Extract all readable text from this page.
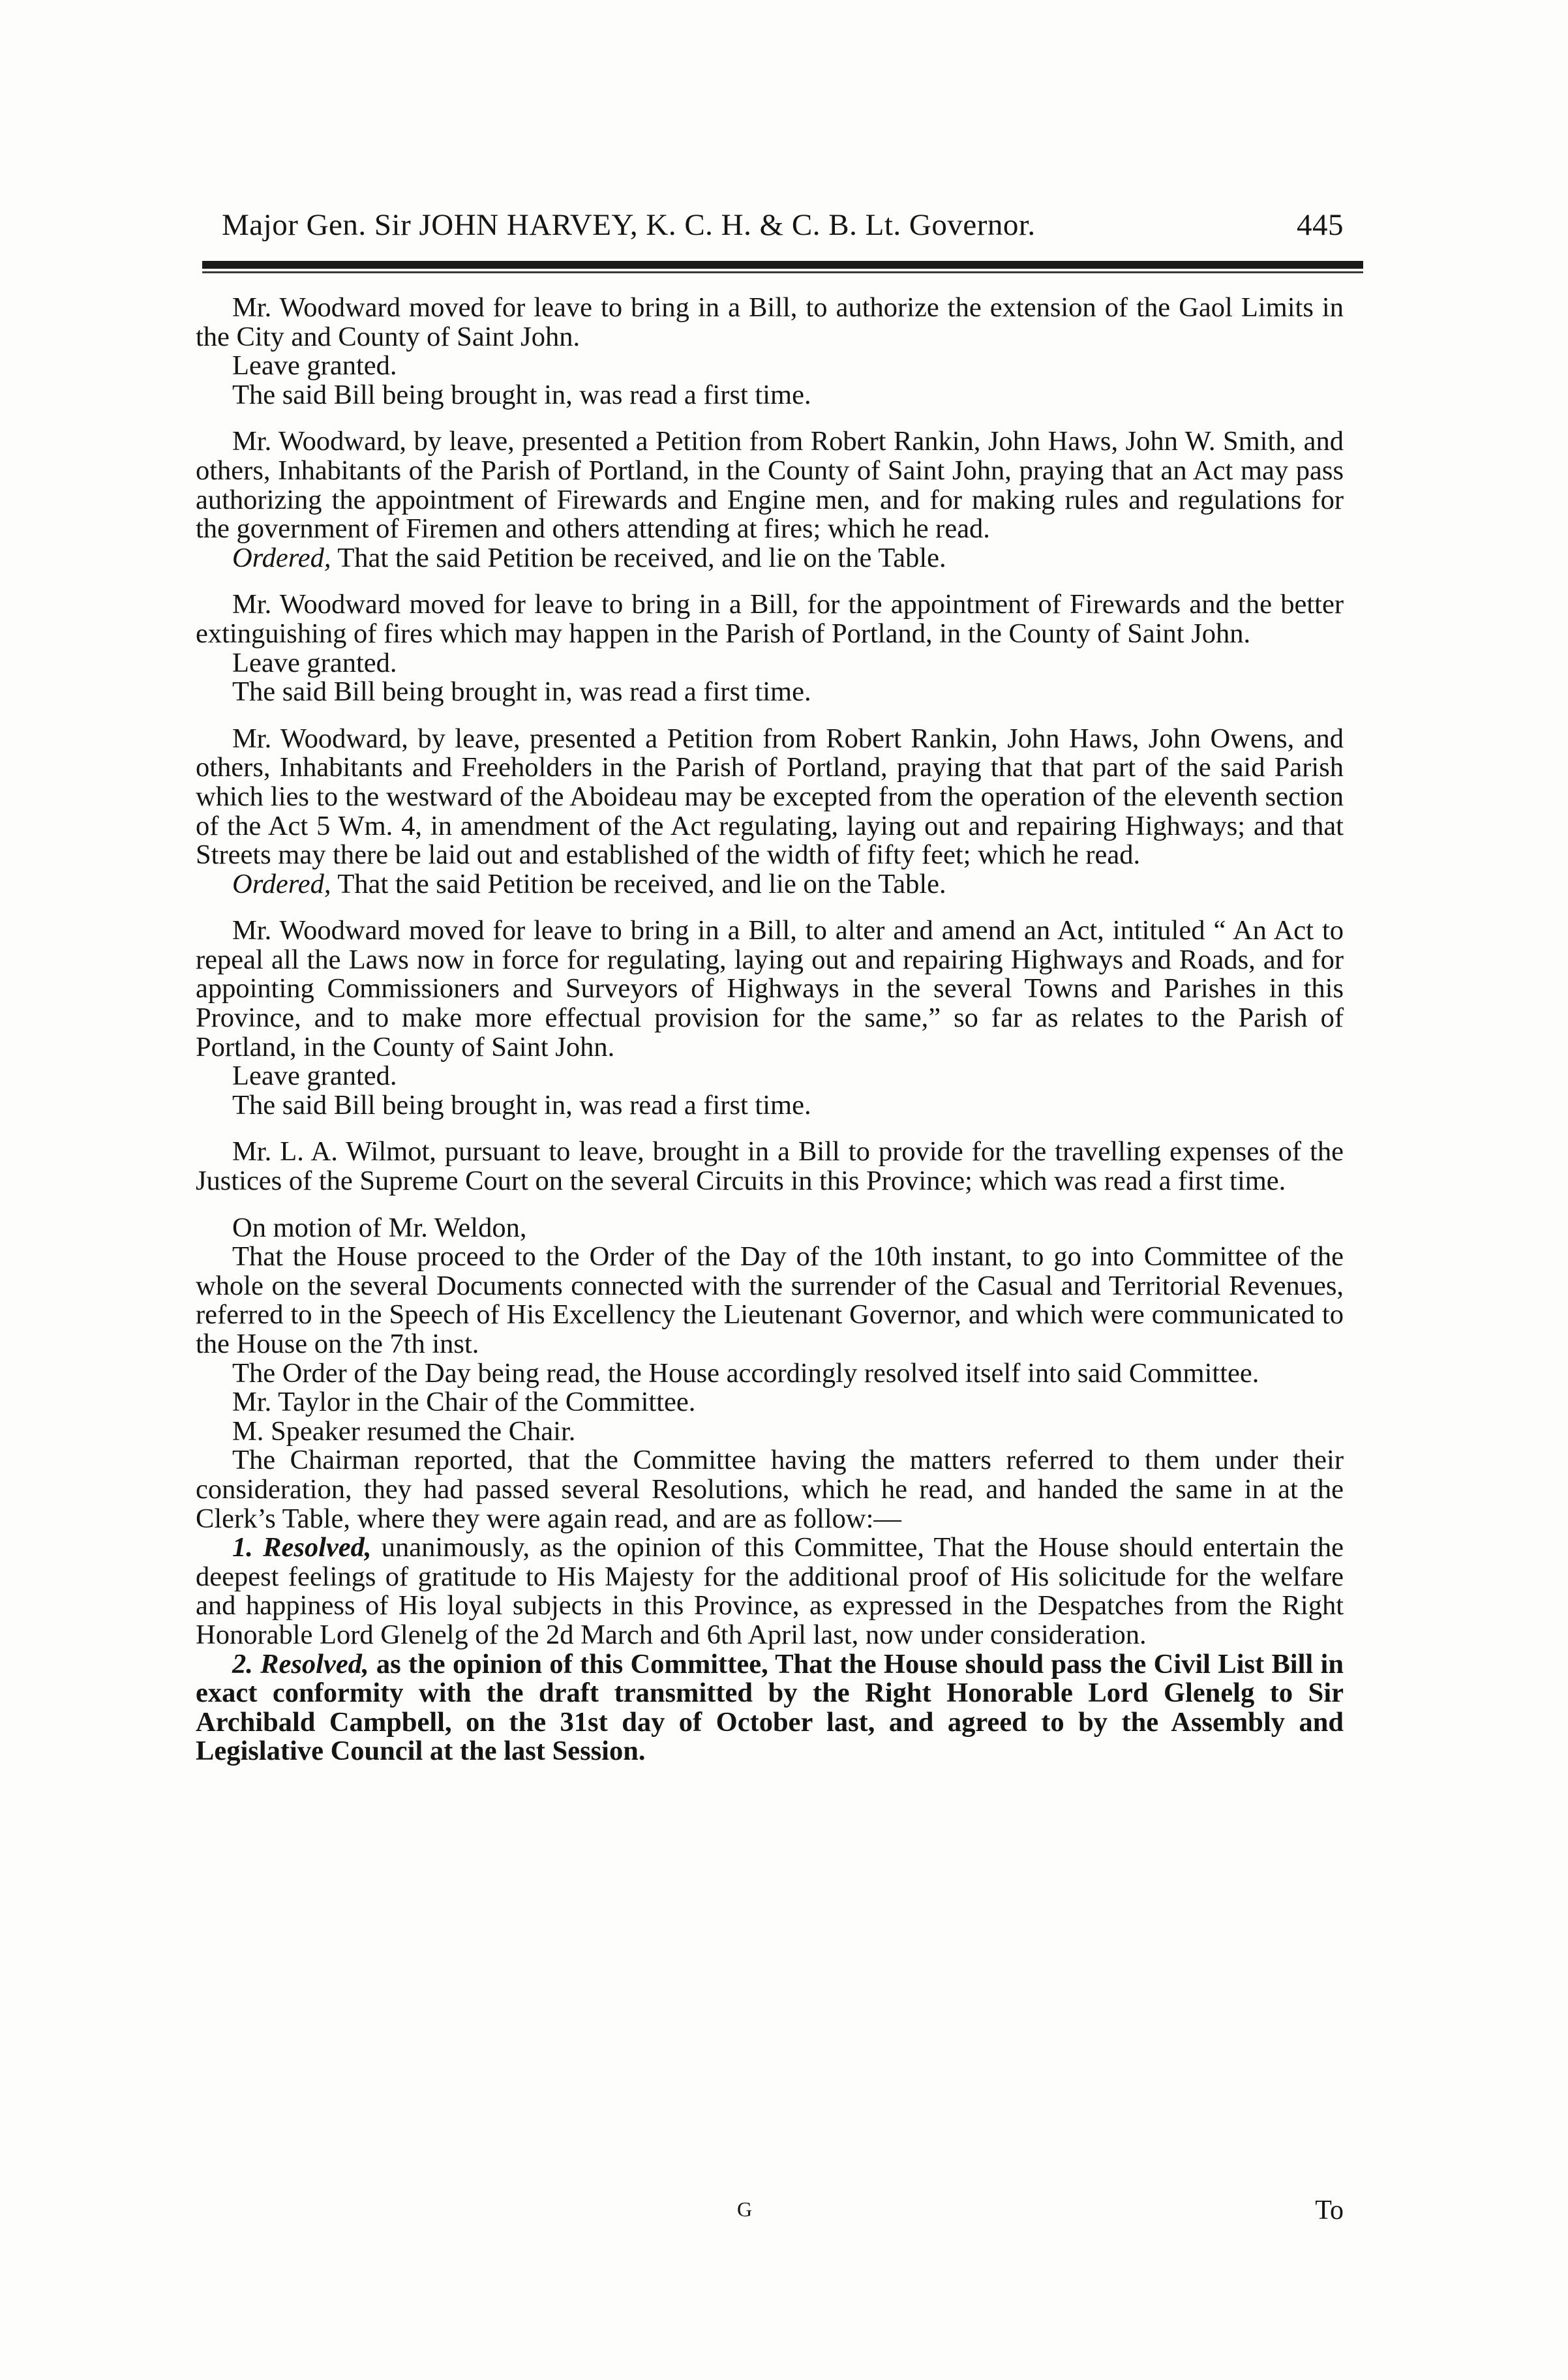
Major Gen. Sir JOHN HARVEY, K. C. H. & C. B. Lt. Governor.	445

Mr. Woodward moved for leave to bring in a Bill, to authorize the extension of the Gaol Limits in the City and County of Saint John.

Leave granted.

The said Bill being brought in, was read a first time.

Mr. Woodward, by leave, presented a Petition from Robert Rankin, John Haws, John W. Smith, and others, Inhabitants of the Parish of Portland, in the County of Saint John, praying that an Act may pass authorizing the appointment of Firewards and Engine men, and for making rules and regulations for the government of Firemen and others attending at fires; which he read.

Ordered, That the said Petition be received, and lie on the Table.

Mr. Woodward moved for leave to bring in a Bill, for the appointment of Firewards and the better extinguishing of fires which may happen in the Parish of Portland, in the County of Saint John.

Leave granted.

The said Bill being brought in, was read a first time.

Mr. Woodward, by leave, presented a Petition from Robert Rankin, John Haws, John Owens, and others, Inhabitants and Freeholders in the Parish of Portland, praying that that part of the said Parish which lies to the westward of the Aboideau may be excepted from the operation of the eleventh section of the Act 5 Wm. 4, in amendment of the Act regulating, laying out and repairing Highways; and that Streets may there be laid out and established of the width of fifty feet; which he read.

Ordered, That the said Petition be received, and lie on the Table.

Mr. Woodward moved for leave to bring in a Bill, to alter and amend an Act, intituled “ An Act to repeal all the Laws now in force for regulating, laying out and repairing Highways and Roads, and for appointing Commissioners and Surveyors of Highways in the several Towns and Parishes in this Province, and to make more effectual provision for the same,” so far as relates to the Parish of Portland, in the County of Saint John.

Leave granted.

The said Bill being brought in, was read a first time.

Mr. L. A. Wilmot, pursuant to leave, brought in a Bill to provide for the travelling expenses of the Justices of the Supreme Court on the several Circuits in this Province; which was read a first time.

On motion of Mr. Weldon,

That the House proceed to the Order of the Day of the 10th instant, to go into Committee of the whole on the several Documents connected with the surrender of the Casual and Territorial Revenues, referred to in the Speech of His Excellency the Lieutenant Governor, and which were communicated to the House on the 7th inst.

The Order of the Day being read, the House accordingly resolved itself into said Committee.

Mr. Taylor in the Chair of the Committee.

M. Speaker resumed the Chair.

The Chairman reported, that the Committee having the matters referred to them under their consideration, they had passed several Resolutions, which he read, and handed the same in at the Clerk’s Table, where they were again read, and are as follow:—

1. Resolved, unanimously, as the opinion of this Committee, That the House should entertain the deepest feelings of gratitude to His Majesty for the additional proof of His solicitude for the welfare and happiness of His loyal subjects in this Province, as expressed in the Despatches from the Right Honorable Lord Glenelg of the 2d March and 6th April last, now under consideration.

2. Resolved, as the opinion of this Committee, That the House should pass the Civil List Bill in exact conformity with the draft transmitted by the Right Honorable Lord Glenelg to Sir Archibald Campbell, on the 31st day of October last, and agreed to by the Assembly and Legislative Council at the last Session.

G	To
